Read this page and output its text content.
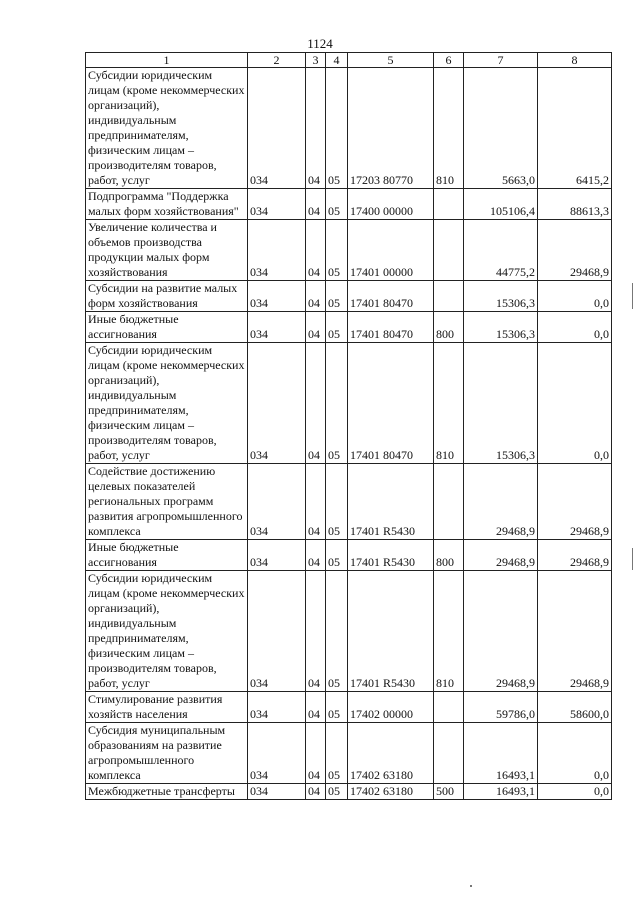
1124
1	2	3	4	5	6	7	8
Субсидии юридическим лицам (кроме некоммерческих организаций), индивидуальным предпринимателям, физическим лицам – производителям товаров, работ, услуг	034	04	05	17203 80770	810	5663,0	6415,2
Подпрограмма "Поддержка малых форм хозяйствования"	034	04	05	17400 00000		105106,4	88613,3
Увеличение количества и объемов производства продукции малых форм хозяйствования	034	04	05	17401 00000		44775,2	29468,9
Субсидии на развитие малых форм хозяйствования	034	04	05	17401 80470		15306,3	0,0
Иные бюджетные ассигнования	034	04	05	17401 80470	800	15306,3	0,0
Субсидии юридическим лицам (кроме некоммерческих организаций), индивидуальным предпринимателям, физическим лицам – производителям товаров, работ, услуг	034	04	05	17401 80470	810	15306,3	0,0
Содействие достижению целевых показателей региональных программ развития агропромышленного комплекса	034	04	05	17401 R5430		29468,9	29468,9
Иные бюджетные ассигнования	034	04	05	17401 R5430	800	29468,9	29468,9
Субсидии юридическим лицам (кроме некоммерческих организаций), индивидуальным предпринимателям, физическим лицам – производителям товаров, работ, услуг	034	04	05	17401 R5430	810	29468,9	29468,9
Стимулирование развития хозяйств населения	034	04	05	17402 00000		59786,0	58600,0
Субсидия муниципальным образованиям на развитие агропромышленного комплекса	034	04	05	17402 63180		16493,1	0,0
Межбюджетные трансферты	034	04	05	17402 63180	500	16493,1	0,0
